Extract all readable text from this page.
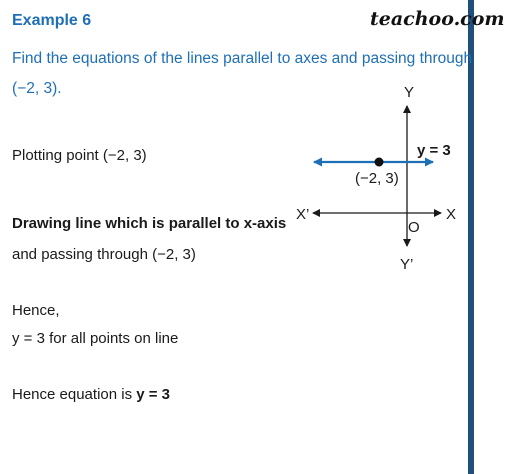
Example 6	teachoo.com
Find the equations of the lines parallel to axes and passing through
(−2, 3).
Plotting point (−2, 3)
Drawing line which is parallel to x-axis
and passing through (−2, 3)
Hence,
y = 3 for all points on line
Hence equation is y = 3
Y
Y’
X
X’
O
(−2, 3)
y = 3
